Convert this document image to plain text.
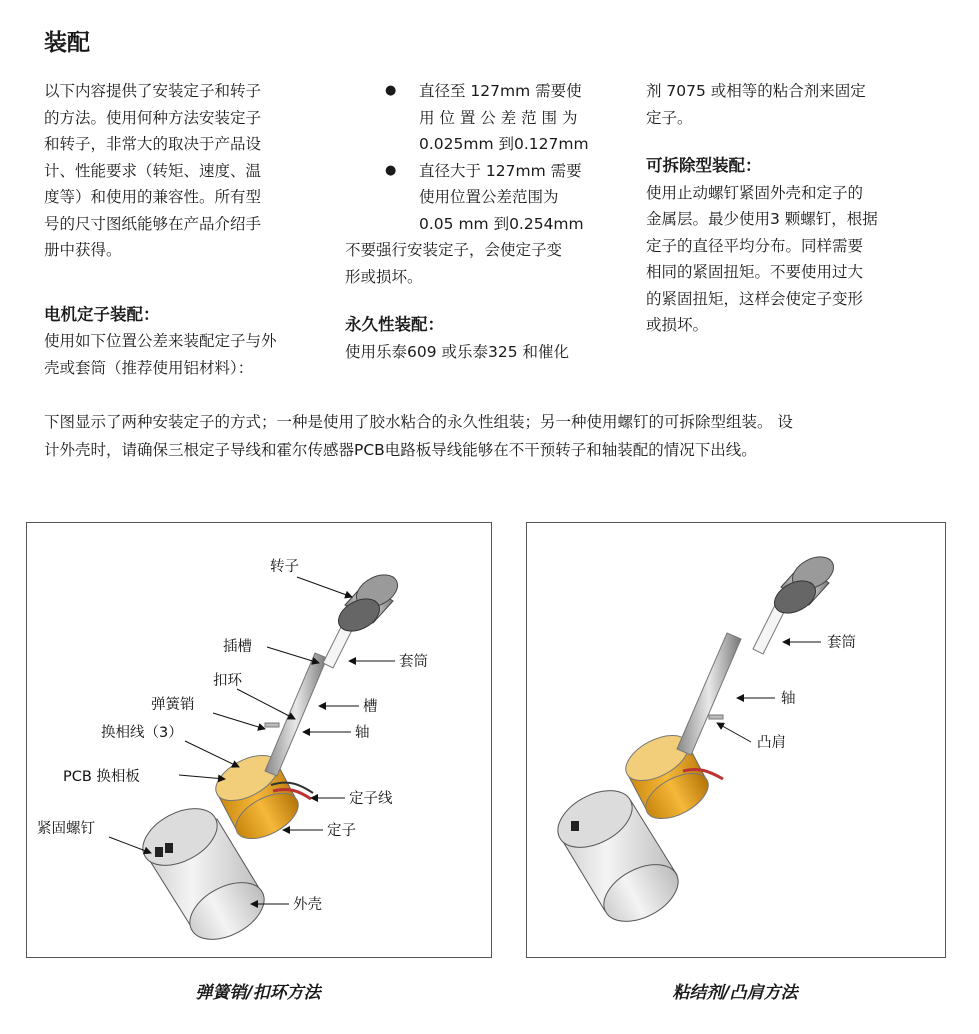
装配

以下内容提供了安装定子和转子

的方法。使用何种方法安装定子

和转子，非常大的取决于产品设

计、性能要求（转矩、速度、温

度等）和使用的兼容性。所有型

号的尺寸图纸能够在产品介绍手

册中获得。

电机定子装配：

使用如下位置公差来装配定子与外

壳或套筒（推荐使用铝材料）：

● 直径至 127mm 需要使

用 位 置 公 差 范 围 为

0.025mm 到0.127mm

● 直径大于 127mm 需要

使用位置公差范围为

0.05 mm 到0.254mm

不要强行安装定子，会使定子变

形或损坏。

永久性装配：

使用乐泰609 或乐泰325 和催化

剂 7075 或相等的粘合剂来固定

定子。

可拆除型装配：

使用止动螺钉紧固外壳和定子的

金属层。最少使用3 颗螺钉，根据

定子的直径平均分布。同样需要

相同的紧固扭矩。不要使用过大

的紧固扭矩，这样会使定子变形

或损坏。

下图显示了两种安装定子的方式；一种是使用了胶水粘合的永久性组装；另一种使用螺钉的可拆除型组装。 设
计外壳时，请确保三根定子导线和霍尔传感器PCB电路板导线能够在不干预转子和轴装配的情况下出线。
转子
插槽
套筒
扣环
槽
弹簧销
轴
换相线（3）
PCB 换相板
定子线
紧固螺钉	定子
外壳
套筒
轴
凸肩
弹簧销/扣环方法	粘结剂/凸肩方法
